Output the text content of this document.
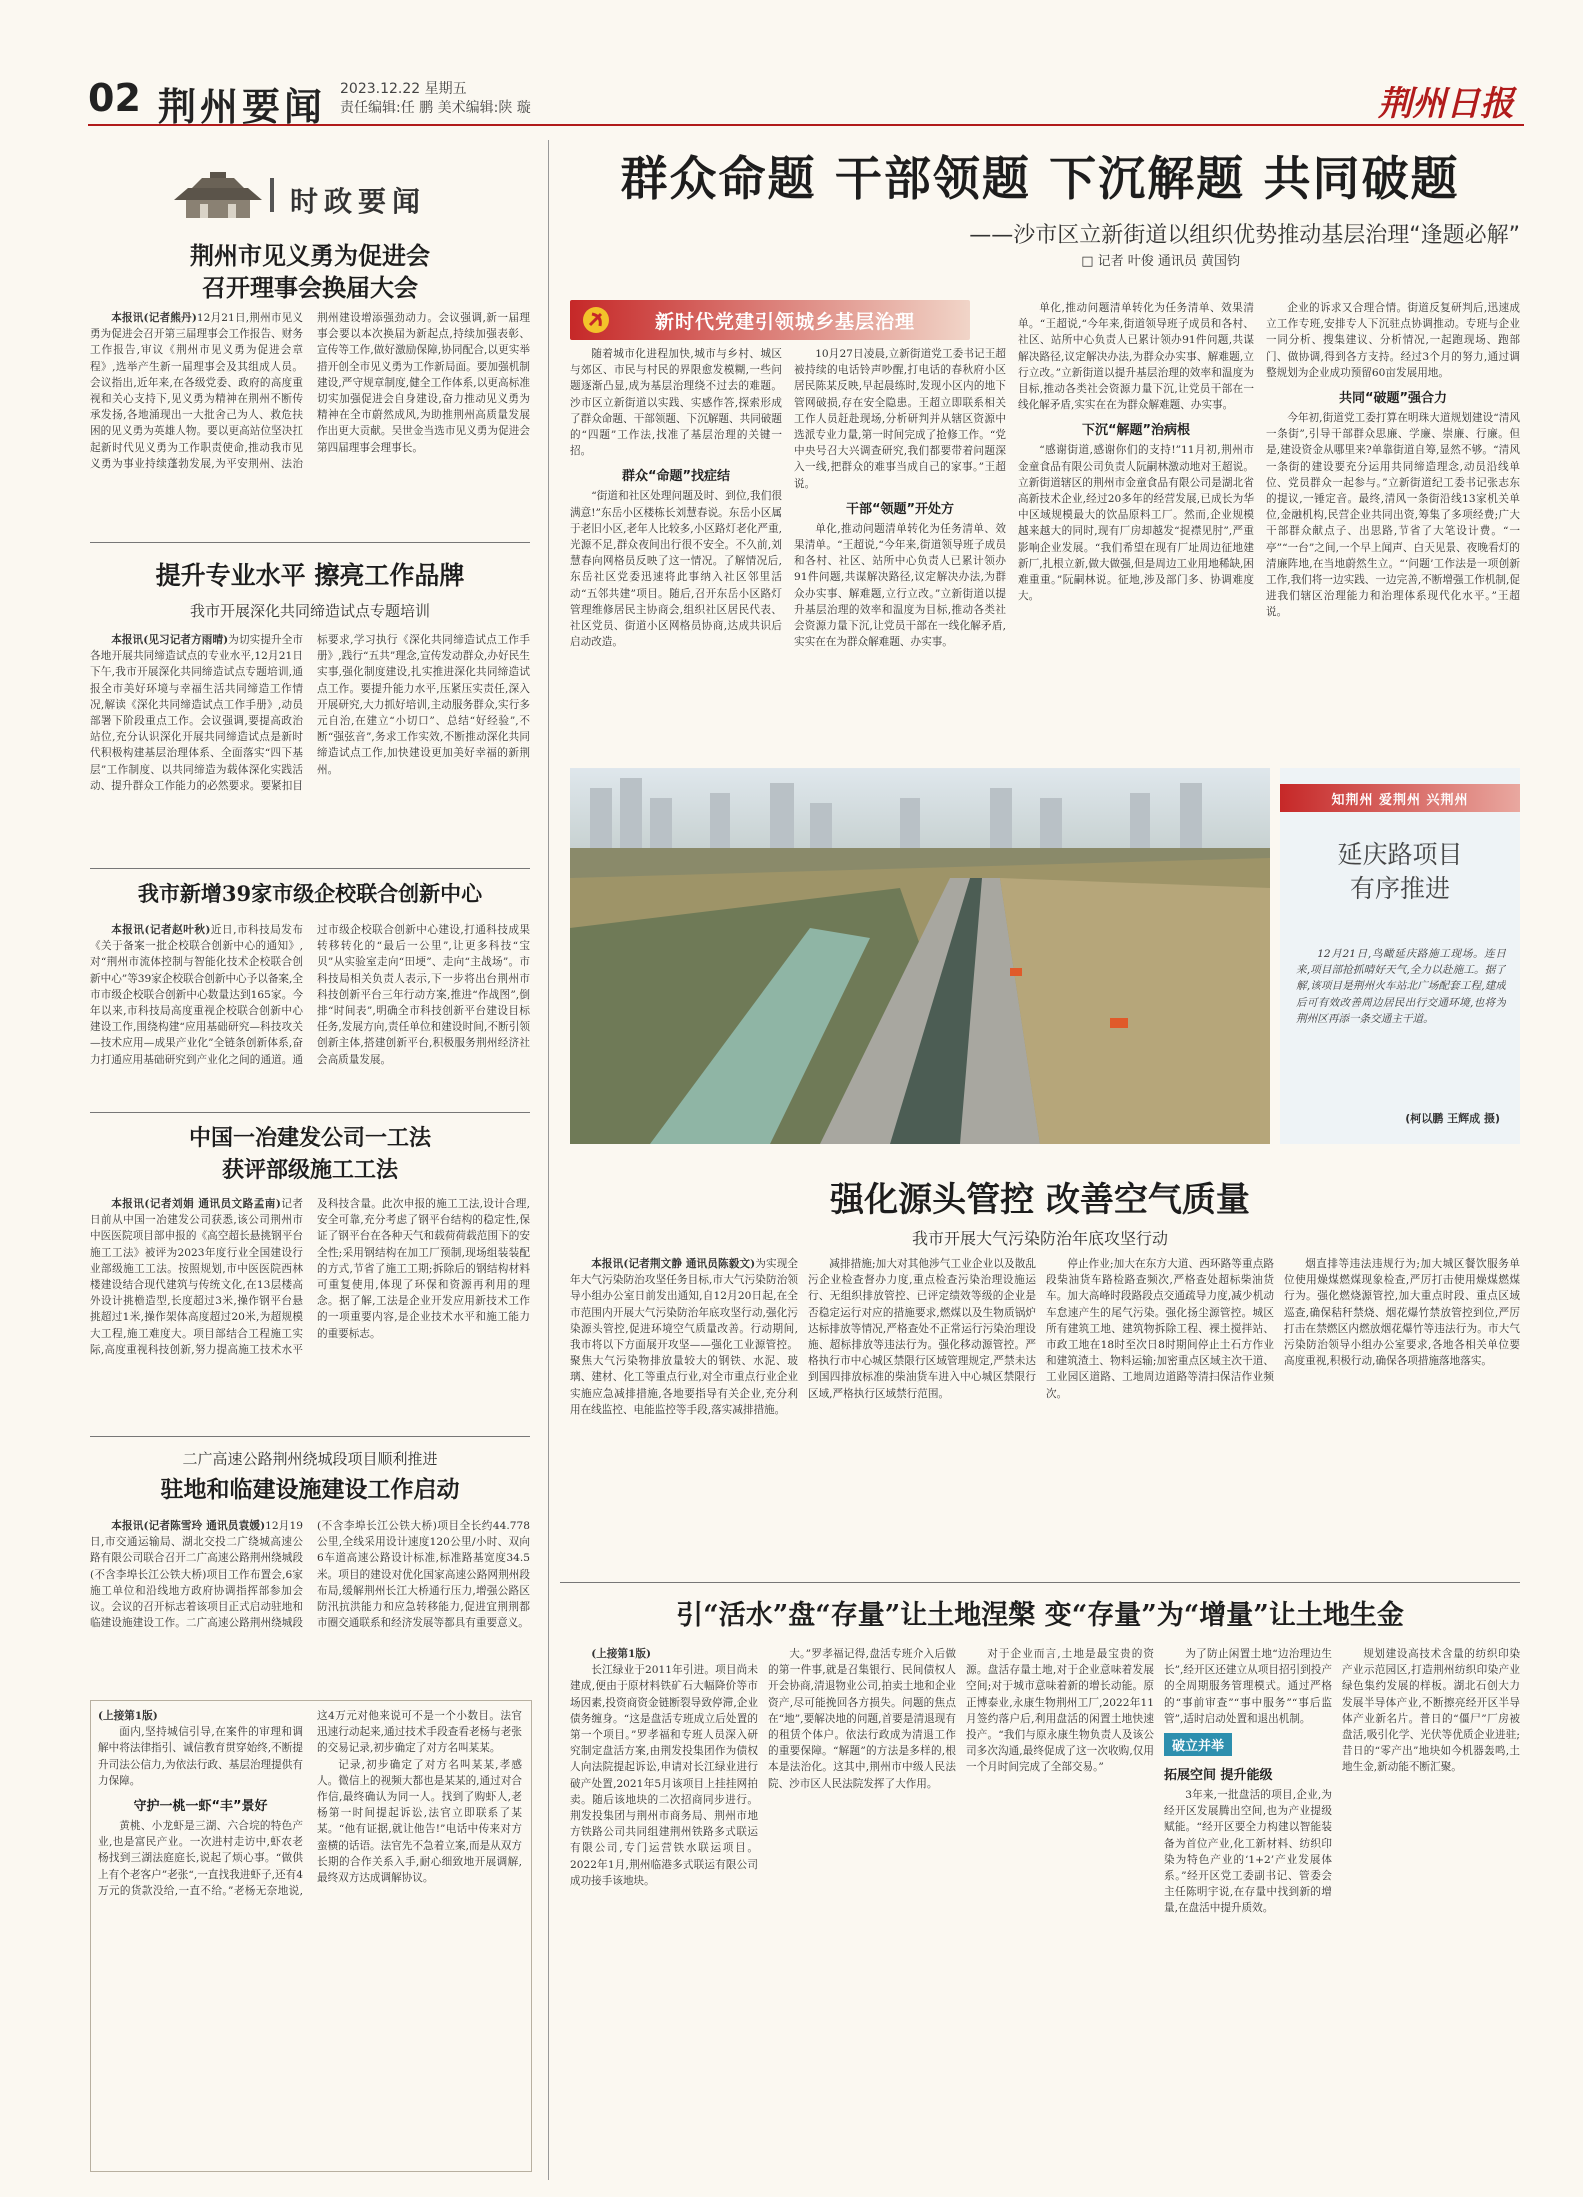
02 荆州要闻 2023.12.22 星期五
责任编辑:任 鹏 美术编辑:陕 璇	荆州日报
时政要闻
荆州市见义勇为促进会
召开理事会换届大会

本报讯(记者熊丹)12月21日,荆州市见义勇为促进会召开第三届理事会工作报告、财务工作报告,审议《荆州市见义勇为促进会章程》,选举产生新一届理事会及其组成人员。会议指出,近年来,在各级党委、政府的高度重视和关心支持下,见义勇为精神在荆州不断传承发扬,各地涌现出一大批舍己为人、救危扶困的见义勇为英雄人物。要以更高站位坚决扛起新时代见义勇为工作职责使命,推动我市见义勇为事业持续蓬勃发展,为平安荆州、法治荆州建设增添强劲动力。会议强调,新一届理事会要以本次换届为新起点,持续加强表彰、宣传等工作,做好激励保障,协同配合,以更实举措开创全市见义勇为工作新局面。要加强机制建设,严守规章制度,健全工作体系,以更高标准切实加强促进会自身建设,奋力推动见义勇为精神在全市蔚然成风,为助推荆州高质量发展作出更大贡献。吴世金当选市见义勇为促进会第四届理事会理事长。

提升专业水平 擦亮工作品牌
我市开展深化共同缔造试点专题培训

本报讯(见习记者方雨晴)为切实提升全市各地开展共同缔造试点的专业水平,12月21日下午,我市开展深化共同缔造试点专题培训,通报全市美好环境与幸福生活共同缔造工作情况,解读《深化共同缔造试点工作手册》,动员部署下阶段重点工作。会议强调,要提高政治站位,充分认识深化开展共同缔造试点是新时代积极构建基层治理体系、全面落实“四下基层”工作制度、以共同缔造为载体深化实践活动、提升群众工作能力的必然要求。要紧扣目标要求,学习执行《深化共同缔造试点工作手册》,践行“五共”理念,宣传发动群众,办好民生实事,强化制度建设,扎实推进深化共同缔造试点工作。要提升能力水平,压紧压实责任,深入开展研究,大力抓好培训,主动服务群众,实行多元自治,在建立“小切口”、总结“好经验”,不断“强弦音”,务求工作实效,不断推动深化共同缔造试点工作,加快建设更加美好幸福的新荆州。

我市新增39家市级企校联合创新中心

本报讯(记者赵叶秋)近日,市科技局发布《关于备案一批企校联合创新中心的通知》,对“荆州市流体控制与智能化技术企校联合创新中心”等39家企校联合创新中心予以备案,全市市级企校联合创新中心数量达到165家。今年以来,市科技局高度重视企校联合创新中心建设工作,围绕构建“应用基础研究—科技攻关—技术应用—成果产业化”全链条创新体系,奋力打通应用基础研究到产业化之间的通道。通过市级企校联合创新中心建设,打通科技成果转移转化的“最后一公里”,让更多科技“宝贝”从实验室走向“田埂”、走向“主战场”。市科技局相关负责人表示,下一步将出台荆州市科技创新平台三年行动方案,推进“作战图”,倒排“时间表”,明确全市科技创新平台建设目标任务,发展方向,责任单位和建设时间,不断引领创新主体,搭建创新平台,积极服务荆州经济社会高质量发展。

中国一冶建发公司一工法
获评部级施工工法

本报讯(记者刘娟 通讯员文路孟南)记者日前从中国一冶建发公司获悉,该公司荆州市中医医院项目部申报的《高空超长悬挑钢平台施工工法》被评为2023年度行业全国建设行业部级施工工法。按照规划,市中医医院西林楼建设结合现代建筑与传统文化,在13层楼高外设计挑檐造型,长度超过3米,操作钢平台悬挑超过1米,操作架体高度超过20米,为超规模大工程,施工难度大。项目部结合工程施工实际,高度重视科技创新,努力提高施工技术水平及科技含量。此次申报的施工工法,设计合理,安全可靠,充分考虑了钢平台结构的稳定性,保证了钢平台在各种天气和载荷荷载范围下的安全性;采用钢结构在加工厂预制,现场组装装配的方式,节省了施工工期;拆除后的钢结构材料可重复使用,体现了环保和资源再利用的理念。据了解,工法是企业开发应用新技术工作的一项重要内容,是企业技术水平和施工能力的重要标志。

二广高速公路荆州绕城段项目顺利推进
驻地和临建设施建设工作启动

本报讯(记者陈雪玲 通讯员袁媛)12月19日,市交通运输局、湖北交投二广绕城高速公路有限公司联合召开二广高速公路荆州绕城段(不含李埠长江公铁大桥)项目工作布置会,6家施工单位和沿线地方政府协调指挥部参加会议。会议的召开标志着该项目正式启动驻地和临建设施建设工作。二广高速公路荆州绕城段(不含李埠长江公铁大桥)项目全长约44.778公里,全线采用设计速度120公里/小时、双向6车道高速公路设计标准,标准路基宽度34.5米。项目的建设对优化国家高速公路网荆州段布局,缓解荆州长江大桥通行压力,增强公路区防汛抗洪能力和应急转移能力,促进宜荆荆都市圈交通联系和经济发展等都具有重要意义。

(上接第1版)

面内,坚持城信引导,在案件的审理和调解中将法律指引、诚信教育贯穿始终,不断提升司法公信力,为依法行政、基层治理提供有力保障。

守护一桃一虾“丰”景好

黄桃、小龙虾是三湖、六合垸的特色产业,也是富民产业。一次进村走访中,虾农老杨找到三湖法庭庭长,说起了烦心事。“做供上有个老客户”老张“,一直找我进虾子,还有4万元的货款没给,一直不给。”老杨无奈地说,这4万元对他来说可不是一个小数目。法官迅速行动起来,通过技术手段查看老杨与老张的交易记录,初步确定了对方名叫某某。

记录,初步确定了对方名叫某某,孝感人。微信上的视频大都也是某某的,通过对合作信,最终确认为同一人。找到了购虾人,老杨第一时间提起诉讼,法官立即联系了某某。“他有证据,就让他告!”电话中传来对方蛮横的话语。法官先不急着立案,而是从双方长期的合作关系入手,耐心细致地开展调解,最终双方达成调解协议。

群众命题 干部领题 下沉解题 共同破题
——沙市区立新街道以组织优势推动基层治理“逢题必解”
□ 记者 叶俊 通讯员 黄国钧
新时代党建引领城乡基层治理

随着城市化进程加快,城市与乡村、城区与郊区、市民与村民的界限愈发模糊,一些问题逐渐凸显,成为基层治理绕不过去的难题。沙市区立新街道以实践、实感作答,探索形成了群众命题、干部领题、下沉解题、共同破题的“四题”工作法,找准了基层治理的关键一招。

群众“命题”找症结

“街道和社区处理问题及时、到位,我们很满意!”东岳小区楼栋长刘慧春说。东岳小区属于老旧小区,老年人比较多,小区路灯老化严重,光源不足,群众夜间出行很不安全。不久前,刘慧春向网格员反映了这一情况。了解情况后,东岳社区党委迅速将此事纳入社区邻里活动“五邻共建”项目。随后,召开东岳小区路灯管理维修居民主协商会,组织社区居民代表、社区党员、街道小区网格员协商,达成共识后启动改造。

10月27日凌晨,立新街道党工委书记王超被持续的电话铃声吵醒,打电话的春秋府小区居民陈某反映,早起晨练时,发现小区内的地下管网破损,存在安全隐患。王超立即联系相关工作人员赶赴现场,分析研判并从辖区资源中选派专业力量,第一时间完成了抢修工作。“党中央号召大兴调查研究,我们都要带着问题深入一线,把群众的难事当成自己的家事。”王超说。

干部“领题”开处方

单化,推动问题清单转化为任务清单、效果清单。“王超说,“今年来,街道领导班子成员和各村、社区、站所中心负责人已累计领办91件问题,共谋解决路径,议定解决办法,为群众办实事、解难题,立行立改。”立新街道以提升基层治理的效率和温度为目标,推动各类社会资源力量下沉,让党员干部在一线化解矛盾,实实在在为群众解难题、办实事。

单化,推动问题清单转化为任务清单、效果清单。“王超说,“今年来,街道领导班子成员和各村、社区、站所中心负责人已累计领办91件问题,共谋解决路径,议定解决办法,为群众办实事、解难题,立行立改。”立新街道以提升基层治理的效率和温度为目标,推动各类社会资源力量下沉,让党员干部在一线化解矛盾,实实在在为群众解难题、办实事。

下沉“解题”治病根

“感谢街道,感谢你们的支持!”11月初,荆州市金童食品有限公司负责人阮嗣林激动地对王超说。立新街道辖区的荆州市金童食品有限公司是湖北省高新技术企业,经过20多年的经营发展,已成长为华中区域规模最大的饮品原料工厂。然而,企业规模越来越大的同时,现有厂房却越发“捉襟见肘”,严重影响企业发展。“我们希望在现有厂址周边征地建新厂,扎根立新,做大做强,但是周边工业用地稀缺,困难重重。”阮嗣林说。征地,涉及部门多、协调难度大。

企业的诉求又合理合情。街道反复研判后,迅速成立工作专班,安排专人下沉驻点协调推动。专班与企业一同分析、搜集建议、分析情况,一起跑现场、跑部门、做协调,得到各方支持。经过3个月的努力,通过调整规划为企业成功预留60亩发展用地。

共同“破题”强合力

今年初,街道党工委打算在明珠大道规划建设“清风一条街”,引导干部群众思廉、学廉、崇廉、行廉。但是,建设资金从哪里来?单靠街道自筹,显然不够。“清风一条街的建设要充分运用共同缔造理念,动员沿线单位、党员群众一起参与。”立新街道纪工委书记张志东的提议,一锤定音。最终,清风一条街沿线13家机关单位,金融机构,民营企业共同出资,筹集了多项经费;广大干部群众献点子、出思路,节省了大笔设计费。“一亭”“一台”之间,一个早上闻声、白天见景、夜晚看灯的清廉阵地,在当地蔚然生立。“‘问题’工作法是一项创新工作,我们将一边实践、一边完善,不断增强工作机制,促进我们辖区治理能力和治理体系现代化水平。”王超说。

知荆州 爱荆州 兴荆州
延庆路项目
有序推进

12月21日,鸟瞰延庆路施工现场。连日来,项目部抢抓晴好天气,全力以赴施工。据了解,该项目是荆州火车站北广场配套工程,建成后可有效改善周边居民出行交通环境,也将为荆州区再添一条交通主干道。

(柯以鹏 王辉成 摄)
强化源头管控 改善空气质量
我市开展大气污染防治年底攻坚行动

本报讯(记者荆文静 通讯员陈毅文)为实现全年大气污染防治攻坚任务目标,市大气污染防治领导小组办公室日前发出通知,自12月20日起,在全市范围内开展大气污染防治年底攻坚行动,强化污染源头管控,促进环境空气质量改善。行动期间,我市将以下方面展开攻坚——强化工业源管控。聚焦大气污染物排放量较大的钢铁、水泥、玻璃、建材、化工等重点行业,对全市重点行业企业实施应急减排措施,各地要指导有关企业,充分利用在线监控、电能监控等手段,落实减排措施。

减排措施;加大对其他涉气工业企业以及散乱污企业检查督办力度,重点检查污染治理设施运行、无组织排放管控、已评定绩效等级的企业是否稳定运行对应的措施要求,燃煤以及生物质锅炉达标排放等情况,严格查处不正常运行污染治理设施、超标排放等违法行为。强化移动源管控。严格执行市中心城区禁限行区域管理规定,严禁未达到国四排放标准的柴油货车进入中心城区禁限行区域,严格执行区域禁行范围。

停止作业;加大在东方大道、西环路等重点路段柴油货车路检路查频次,严格查处超标柴油货车。加大高峰时段路段点交通疏导力度,减少机动车怠速产生的尾气污染。强化扬尘源管控。城区所有建筑工地、建筑物拆除工程、裸土搅拌站、市政工地在18时至次日8时期间停止土石方作业和建筑渣土、物料运输;加密重点区域主次干道、工业园区道路、工地周边道路等清扫保洁作业频次。

烟直排等违法违规行为;加大城区餐饮服务单位使用燥煤燃煤现象检查,严厉打击使用燥煤燃煤行为。强化燃烧源管控,加大重点时段、重点区域巡查,确保秸秆禁烧、烟花爆竹禁放管控到位,严厉打击在禁燃区内燃放烟花爆竹等违法行为。市大气污染防治领导小组办公室要求,各地各相关单位要高度重视,积极行动,确保各项措施落地落实。

引“活水”盘“存量”让土地涅槃 变“存量”为“增量”让土地生金

(上接第1版)

长江绿业于2011年引进。项目尚未建成,便由于原材料铁矿石大幅降价等市场因素,投资商资金链断裂导致停滞,企业债务缠身。“这是盘活专班成立后处置的第一个项目。”罗孝福和专班人员深入研究制定盘活方案,由荆发投集团作为债权人向法院提起诉讼,申请对长江绿业进行破产处置,2021年5月该项目上挂挂网拍卖。随后该地块的二次招商同步进行。荆发投集团与荆州市商务局、荆州市地方铁路公司共同组建荆州铁路多式联运有限公司,专门运营铁水联运项目。2022年1月,荆州临港多式联运有限公司成功接手该地块。

大。”罗孝福记得,盘活专班介入后做的第一件事,就是召集银行、民间债权人开会协商,清退物业公司,拍卖土地和企业资产,尽可能挽回各方损失。问题的焦点在“地”,要解决地的问题,首要是清退现有的租赁个体户。依法行政成为清退工作的重要保障。“解题”的方法是多样的,根本是法治化。这其中,荆州市中级人民法院、沙市区人民法院发挥了大作用。

对于企业而言,土地是最宝贵的资源。盘活存量土地,对于企业意味着发展空间;对于城市意味着新的增长动能。原正博泰业,永康生物荆州工厂,2022年11月签约落户后,利用盘活的闲置土地快速投产。“我们与原永康生物负责人及该公司多次沟通,最终促成了这一次收购,仅用一个月时间完成了全部交易。”

为了防止闲置土地“边治理边生长”,经开区还建立从项目招引到投产的全周期服务管理模式。通过严格的“事前审查”“事中服务”“事后监管”,适时启动处置和退出机制。

破立并举
拓展空间 提升能级

3年来,一批盘活的项目,企业,为经开区发展腾出空间,也为产业提级赋能。“经开区要全力构建以智能装备为首位产业,化工新材料、纺织印染为特色产业的‘1+2’产业发展体系。”经开区党工委副书记、管委会主任陈明宇说,在存量中找到新的增量,在盘活中提升质效。

规划建设高技术含量的纺织印染产业示范园区,打造荆州纺织印染产业绿色集约发展的样板。湖北石创大力发展半导体产业,不断擦亮经开区半导体产业新名片。普日的“僵尸”厂房被盘活,吸引化学、光伏等优质企业进驻;昔日的“零产出”地块如今机器轰鸣,土地生金,新动能不断汇聚。
